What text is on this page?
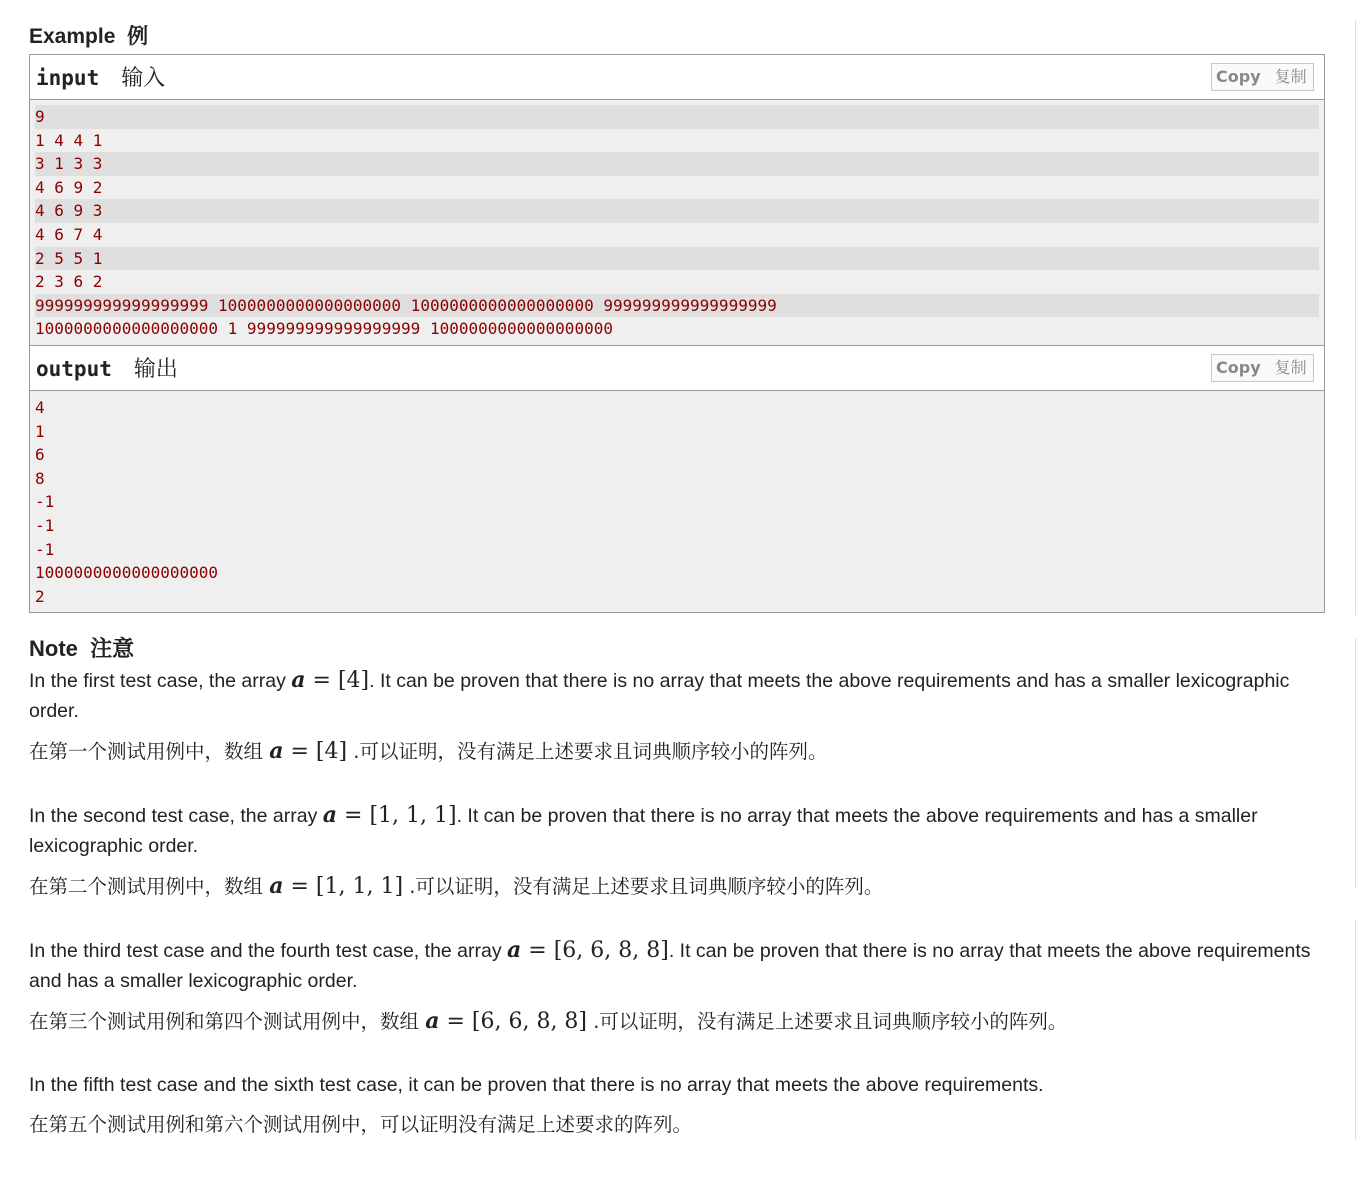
Example 例
input 输入	Copy 复制
9
1 4 4 1
3 1 3 3
4 6 9 2
4 6 9 3
4 6 7 4
2 5 5 1
2 3 6 2
999999999999999999 1000000000000000000 1000000000000000000 999999999999999999
1000000000000000000 1 999999999999999999 1000000000000000000
output 输出	Copy 复制
4
1
6
8
-1
-1
-1
1000000000000000000
2
Note 注意

In the first test case, the array a = [4]. It can be proven that there is no array that meets the above requirements and has a smaller lexicographic order.

在第一个测试用例中，数组 a = [4] .可以证明，没有满足上述要求且词典顺序较小的阵列。

In the second test case, the array a = [1, 1, 1]. It can be proven that there is no array that meets the above requirements and has a smaller lexicographic order.

在第二个测试用例中，数组 a = [1, 1, 1] .可以证明，没有满足上述要求且词典顺序较小的阵列。

In the third test case and the fourth test case, the array a = [6, 6, 8, 8]. It can be proven that there is no array that meets the above requirements and has a smaller lexicographic order.

在第三个测试用例和第四个测试用例中，数组 a = [6, 6, 8, 8] .可以证明，没有满足上述要求且词典顺序较小的阵列。

In the fifth test case and the sixth test case, it can be proven that there is no array that meets the above requirements.

在第五个测试用例和第六个测试用例中，可以证明没有满足上述要求的阵列。
